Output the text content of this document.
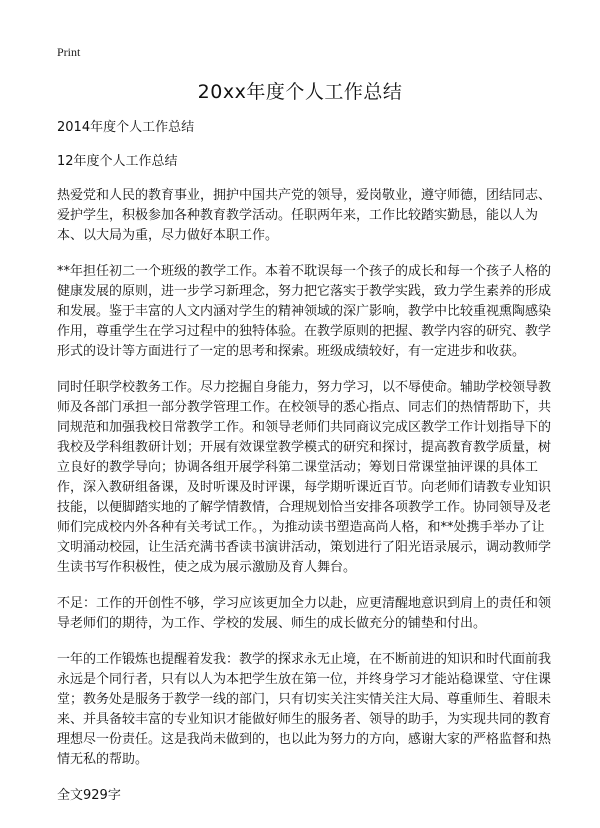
Print
20xx年度个人工作总结

2014年度个人工作总结

12年度个人工作总结

热爱党和人民的教育事业，拥护中国共产党的领导，爱岗敬业，遵守师德，团结同志、爱护学生，积极参加各种教育教学活动。任职两年来，工作比较踏实勤恳，能以人为本、以大局为重，尽力做好本职工作。

**年担任初二一个班级的教学工作。本着不耽误每一个孩子的成长和每一个孩子人格的健康发展的原则，进一步学习新理念，努力把它落实于教学实践，致力学生素养的形成和发展。鉴于丰富的人文内涵对学生的精神领域的深广影响，教学中比较重视熏陶感染作用，尊重学生在学习过程中的独特体验。在教学原则的把握、教学内容的研究、教学形式的设计等方面进行了一定的思考和探索。班级成绩较好，有一定进步和收获。

同时任职学校教务工作。尽力挖掘自身能力，努力学习，以不辱使命。辅助学校领导教师及各部门承担一部分教学管理工作。在校领导的悉心指点、同志们的热情帮助下，共同规范和加强我校日常教学工作。和领导老师们共同商议完成区教学工作计划指导下的我校及学科组教研计划；开展有效课堂教学模式的研究和探讨，提高教育教学质量，树立良好的教学导向；协调各组开展学科第二课堂活动；筹划日常课堂抽评课的具体工作，深入教研组备课，及时听课及时评课，每学期听课近百节。向老师们请教专业知识技能，以便脚踏实地的了解学情教情，合理规划恰当安排各项教学工作。协同领导及老师们完成校内外各种有关考试工作。，为推动读书塑造高尚人格，和**处携手举办了让文明涌动校园，让生活充满书香读书演讲活动，策划进行了阳光语录展示，调动教师学生读书写作积极性，使之成为展示激励及育人舞台。

不足：工作的开创性不够，学习应该更加全力以赴，应更清醒地意识到肩上的责任和领导老师们的期待，为工作、学校的发展、师生的成长做充分的铺垫和付出。

一年的工作锻炼也提醒着发我：教学的探求永无止境，在不断前进的知识和时代面前我永远是个同行者，只有以人为本把学生放在第一位，并终身学习才能站稳课堂、守住课堂；教务处是服务于教学一线的部门，只有切实关注实情关注大局、尊重师生、着眼未来、并具备较丰富的专业知识才能做好师生的服务者、领导的助手，为实现共同的教育理想尽一份责任。这是我尚未做到的，也以此为努力的方向，感谢大家的严格监督和热情无私的帮助。

全文929字
